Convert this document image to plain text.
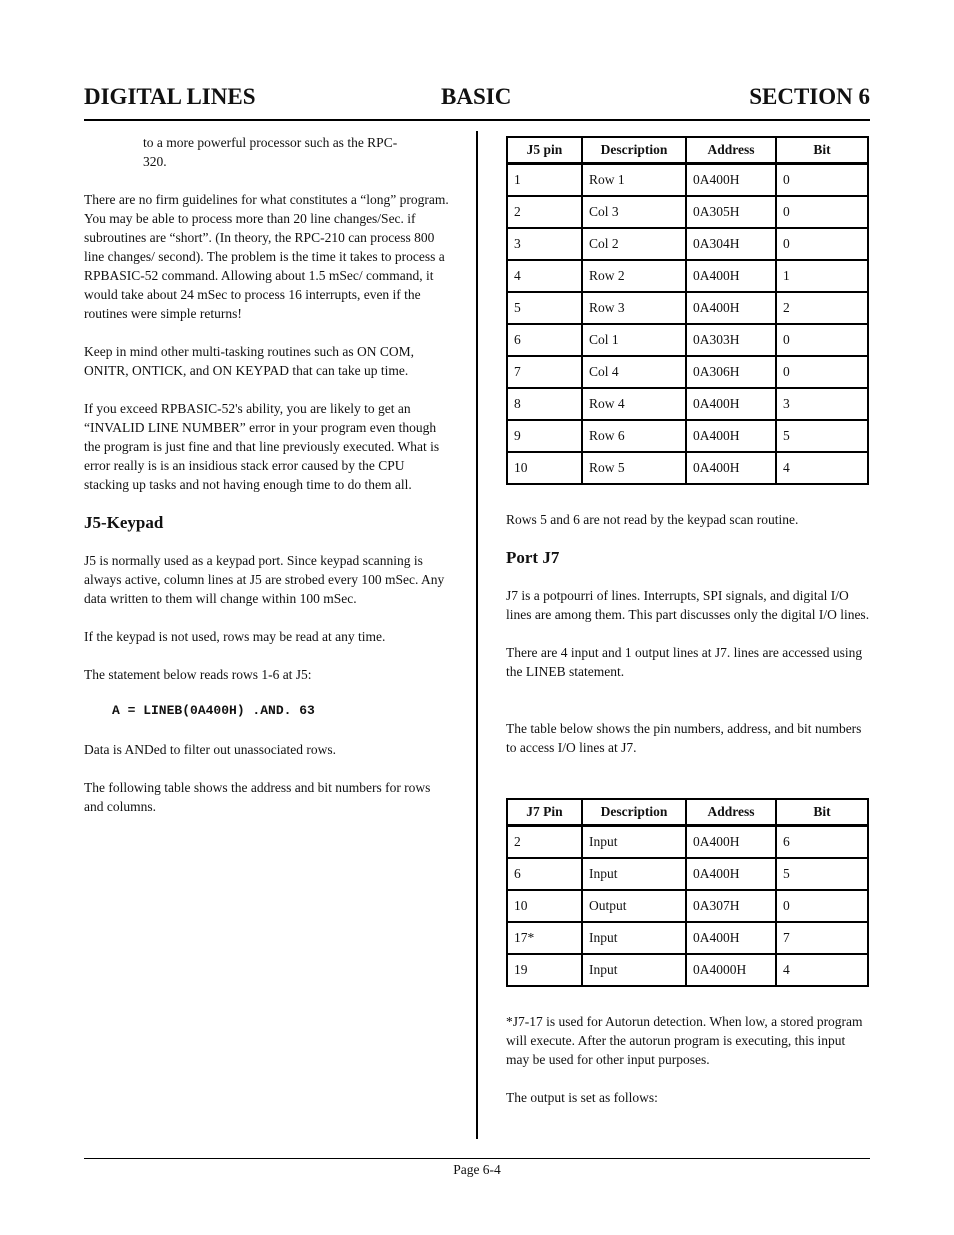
DIGITAL LINES	BASIC	SECTION 6

to a more powerful processor such as the RPC-
320.

There are no firm guidelines for what constitutes a “long” program. You may be able to process more than 20 line changes/Sec. if subroutines are “short”. (In theory, the RPC-210 can process 800 line changes/ second). The problem is the time it takes to process a RPBASIC-52 command. Allowing about 1.5 mSec/ command, it would take about 24 mSec to process 16 interrupts, even if the routines were simple returns!

Keep in mind other multi-tasking routines such as ON COM, ONITR, ONTICK, and ON KEYPAD that can take up time.

If you exceed RPBASIC-52's ability, you are likely to get an “INVALID LINE NUMBER” error in your program even though the program is just fine and that line previously executed. What is error really is is an insidious stack error caused by the CPU stacking up tasks and not having enough time to do them all.

J5-Keypad

J5 is normally used as a keypad port. Since keypad scanning is always active, column lines at J5 are strobed every 100 mSec. Any data written to them will change within 100 mSec.

If the keypad is not used, rows may be read at any time.

The statement below reads rows 1-6 at J5:

A = LINEB(0A400H) .AND. 63

Data is ANDed to filter out unassociated rows.

The following table shows the address and bit numbers for rows and columns.

J5 pin	Description	Address	Bit
1	Row 1	0A400H	0
2	Col 3	0A305H	0
3	Col 2	0A304H	0
4	Row 2	0A400H	1
5	Row 3	0A400H	2
6	Col 1	0A303H	0
7	Col 4	0A306H	0
8	Row 4	0A400H	3
9	Row 6	0A400H	5
10	Row 5	0A400H	4

Rows 5 and 6 are not read by the keypad scan routine.

Port J7

J7 is a potpourri of lines. Interrupts, SPI signals, and digital I/O lines are among them. This part discusses only the digital I/O lines.

There are 4 input and 1 output lines at J7. lines are accessed using the LINEB statement.

The table below shows the pin numbers, address, and bit numbers to access I/O lines at J7.

J7 Pin	Description	Address	Bit
2	Input	0A400H	6
6	Input	0A400H	5
10	Output	0A307H	0
17*	Input	0A400H	7
19	Input	0A4000H	4

*J7-17 is used for Autorun detection. When low, a stored program will execute. After the autorun program is executing, this input may be used for other input purposes.

The output is set as follows:

Page 6-4
